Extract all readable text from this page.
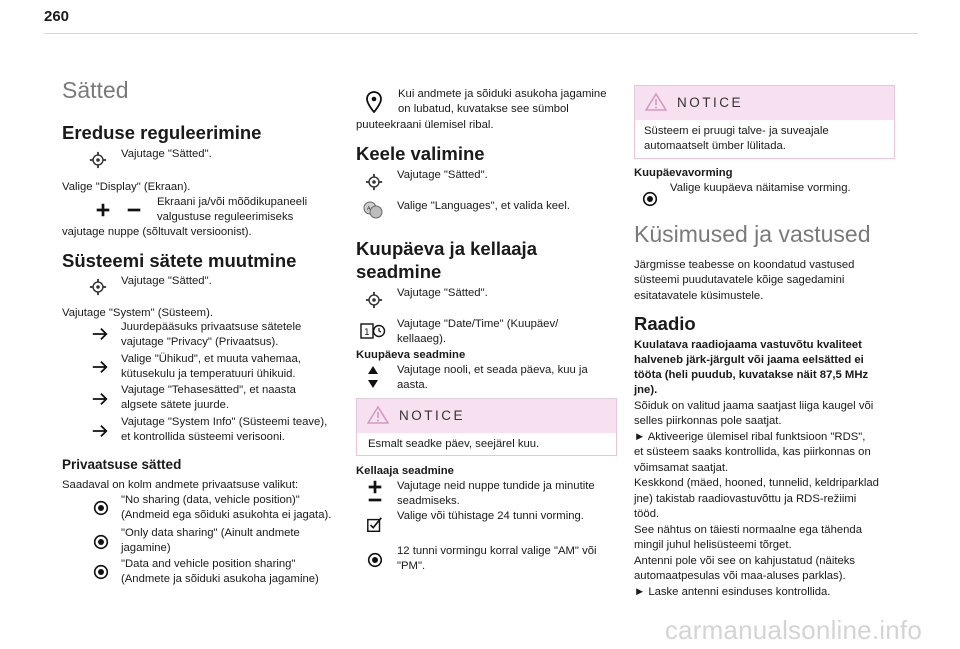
260
Sätted
Ereduse reguleerimine
Vajutage "Sätted".
Valige "Display" (Ekraan).
Ekraani ja/või mõõdikupaneeli
valgustuse reguleerimiseks
vajutage nuppe (sõltuvalt versioonist).
Süsteemi sätete muutmine
Vajutage "Sätted".
Vajutage "System" (Süsteem).
Juurdepääsuks privaatsuse sätetele
vajutage "Privacy" (Privaatsus).
Valige "Ühikud", et muuta vahemaa,
kütusekulu ja temperatuuri ühikuid.
Vajutage "Tehasesätted", et naasta
algsete sätete juurde.
Vajutage "System Info" (Süsteemi teave),
et kontrollida süsteemi verisooni.
Privaatsuse sätted
Saadaval on kolm andmete privaatsuse valikut:
"No sharing (data, vehicle position)"
(Andmeid ega sõiduki asukohta ei jagata).
"Only data sharing" (Ainult andmete
jagamine)
"Data and vehicle position sharing"
(Andmete ja sõiduki asukoha jagamine)
Kui andmete ja sõiduki asukoha jagamine
on lubatud, kuvatakse see sümbol
puuteekraani ülemisel ribal.
Keele valimine
Vajutage "Sätted".
A Valige "Languages", et valida keel.
Kuupäeva ja kellaaja
seadmine
Vajutage "Sätted".
1
Vajutage "Date/Time" (Kuupäev/
kellaaeg).
Kuupäeva seadmine
Vajutage nooli, et seada päeva, kuu ja
aasta.
NOTICE
Esmalt seadke päev, seejärel kuu.
Kellaaja seadmine
Vajutage neid nuppe tundide ja minutite
seadmiseks.
Valige või tühistage 24 tunni vorming.
12 tunni vormingu korral valige "AM" või
"PM".
NOTICE
Süsteem ei pruugi talve- ja suveajale
automaatselt ümber lülitada.
Kuupäevavorming
Valige kuupäeva näitamise vorming.
Küsimused ja vastused
Järgmisse teabesse on koondatud vastused
süsteemi puudutavatele kõige sagedamini
esitatavatele küsimustele.
Raadio
Kuulatava raadiojaama vastuvõtu kvaliteet
halveneb järk-järgult või jaama eelsätted ei
tööta (heli puudub, kuvatakse näit 87,5 MHz
jne).
Sõiduk on valitud jaama saatjast liiga kaugel või
selles piirkonnas pole saatjat.
► Aktiveerige ülemisel ribal funktsioon "RDS",
et süsteem saaks kontrollida, kas piirkonnas on
võimsamat saatjat.
Keskkond (mäed, hooned, tunnelid, keldriparklad
jne) takistab raadiovastuvõttu ja RDS-režiimi
tööd.
See nähtus on täiesti normaalne ega tähenda
mingil juhul helisüsteemi tõrget.
Antenni pole või see on kahjustatud (näiteks
automaatpesulas või maa-aluses parklas).
► Laske antenni esinduses kontrollida.
carmanualsonline.info
